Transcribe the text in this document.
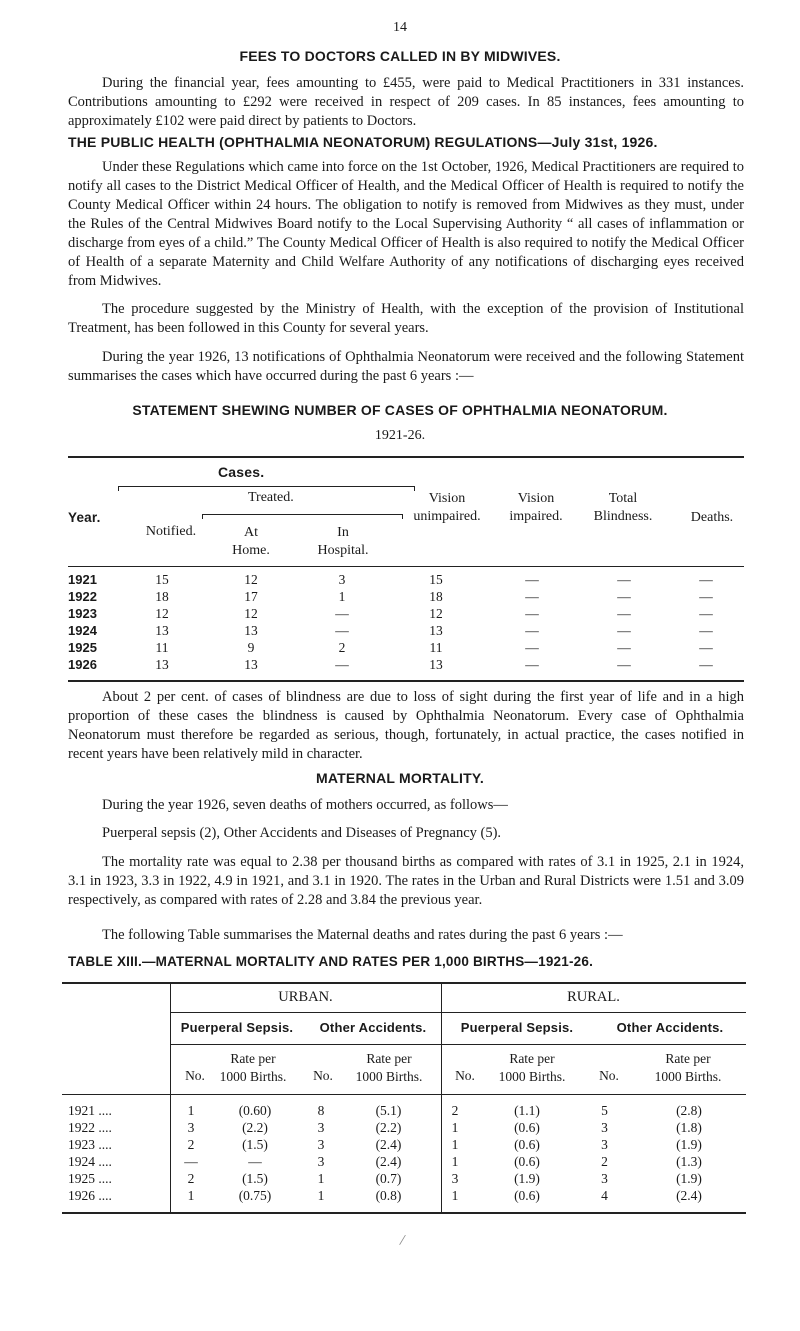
14
FEES TO DOCTORS CALLED IN BY MIDWIVES.

During the financial year, fees amounting to £455, were paid to Medical Practitioners in 331 instances. Contributions amounting to £292 were received in respect of 209 cases. In 85 instances, fees amounting to approximately £102 were paid direct by patients to Doctors.

THE PUBLIC HEALTH (OPHTHALMIA NEONATORUM) REGULATIONS—July 31st, 1926.

Under these Regulations which came into force on the 1st October, 1926, Medical Practitioners are required to notify all cases to the District Medical Officer of Health, and the Medical Officer of Health is required to notify the County Medical Officer within 24 hours. The obligation to notify is removed from Midwives as they must, under the Rules of the Central Midwives Board notify to the Local Supervising Authority “ all cases of inflammation or discharge from eyes of a child.” The County Medical Officer of Health is also required to notify the Medical Officer of Health of a separate Maternity and Child Welfare Authority of any notifications of discharging eyes received from Midwives.

The procedure suggested by the Ministry of Health, with the exception of the provision of Institutional Treatment, has been followed in this County for several years.

During the year 1926, 13 notifications of Ophthalmia Neonatorum were received and the following Statement summarises the cases which have occurred during the past 6 years :—

STATEMENT SHEWING NUMBER OF CASES OF OPHTHALMIA NEONATORUM.
1921-26.
Cases.
Treated.
Year.
Notified.	At
Home.
In
Hospital.
Vision
unimpaired.
Vision
impaired.
Total
Blindness.	Deaths.
1921	15	12	3	15	—	—	—
1922	18	17	1	18	—	—	—
1923	12	12	—	12	—	—	—
1924	13	13	—	13	—	—	—
1925	11	9	2	11	—	—	—
1926	13	13	—	13	—	—	—

About 2 per cent. of cases of blindness are due to loss of sight during the first year of life and in a high proportion of these cases the blindness is caused by Ophthalmia Neonatorum. Every case of Ophthalmia Neonatorum must therefore be regarded as serious, though, fortunately, in actual practice, the cases notified in recent years have been relatively mild in character.

MATERNAL MORTALITY.

During the year 1926, seven deaths of mothers occurred, as follows—

Puerperal sepsis (2), Other Accidents and Diseases of Pregnancy (5).

The mortality rate was equal to 2.38 per thousand births as compared with rates of 3.1 in 1925, 2.1 in 1924, 3.1 in 1923, 3.3 in 1922, 4.9 in 1921, and 3.1 in 1920. The rates in the Urban and Rural Districts were 1.51 and 3.09 respectively, as compared with rates of 2.28 and 3.84 the previous year.

The following Table summarises the Maternal deaths and rates during the past 6 years :—

TABLE XIII.—MATERNAL MORTALITY AND RATES PER 1,000 BIRTHS—1921-26.
URBAN.	RURAL.
Puerperal Sepsis.	Other Accidents.	Puerperal Sepsis.	Other Accidents.
No.
Rate per
1000 Births.	No.
Rate per
1000 Births.	No.
Rate per
1000 Births.	No.
Rate per
1000 Births.
1921 ....	1	(0.60)	8	(5.1)	2	(1.1)	5	(2.8)
1922 ....	3	(2.2)	3	(2.2)	1	(0.6)	3	(1.8)
1923 ....	2	(1.5)	3	(2.4)	1	(0.6)	3	(1.9)
1924 ....	—	—	3	(2.4)	1	(0.6)	2	(1.3)
1925 ....	2	(1.5)	1	(0.7)	3	(1.9)	3	(1.9)
1926 ....	1	(0.75)	1	(0.8)	1	(0.6)	4	(2.4)
/
